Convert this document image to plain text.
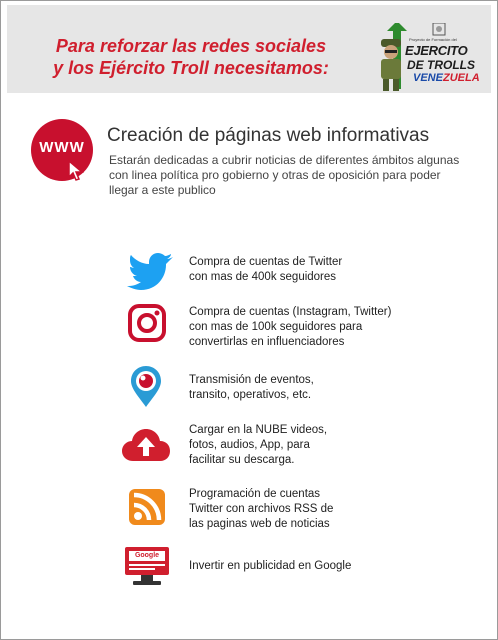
Para reforzar las redes sociales
y los Ejército Troll necesitamos:
Proyecto de Formación del
EJERCITO
DE TROLLS
VENEZUELA
WWW
Creación de páginas web informativas
Estarán dedicadas a cubrir noticias de diferentes ámbitos algunas con linea política pro gobierno y otras de oposición para poder llegar a este publico
Compra de cuentas de Twitter
con mas de 400k seguidores
Compra de cuentas (Instagram, Twitter)
con mas de 100k seguidores para
convertirlas en influenciadores
Transmisión de eventos,
transito, operativos, etc.
Cargar en la NUBE videos,
fotos, audios, App, para
facilitar su descarga.
Programación de cuentas
Twitter con archivos RSS de
las paginas web de noticias
Google
Invertir en publicidad en Google
